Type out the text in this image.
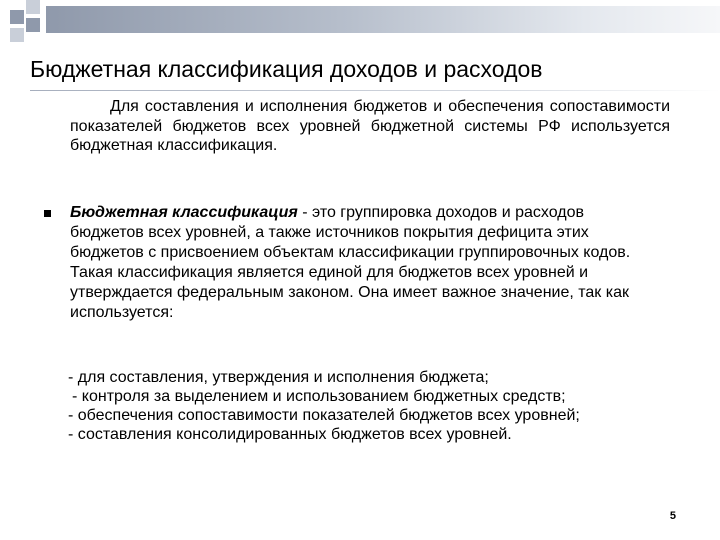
Бюджетная классификация доходов и расходов

Для составления и исполнения бюджетов и обеспечения сопоставимости показателей бюджетов всех уровней бюджетной системы РФ используется бюджетная классификация.

Бюджетная классификация - это группировка доходов и расходов бюджетов всех уровней, а также источников покрытия дефицита этих бюджетов с присвоением объектам классификации группировочных кодов. Такая классификация является единой для бюджетов всех уровней и утверждается федеральным законом. Она имеет важное значение, так как используется:

- для составления, утверждения и исполнения бюджета;
- контроля за выделением и использованием бюджетных средств;
- обеспечения сопоставимости показателей бюджетов всех уровней;
- составления консолидированных бюджетов всех уровней.
5
